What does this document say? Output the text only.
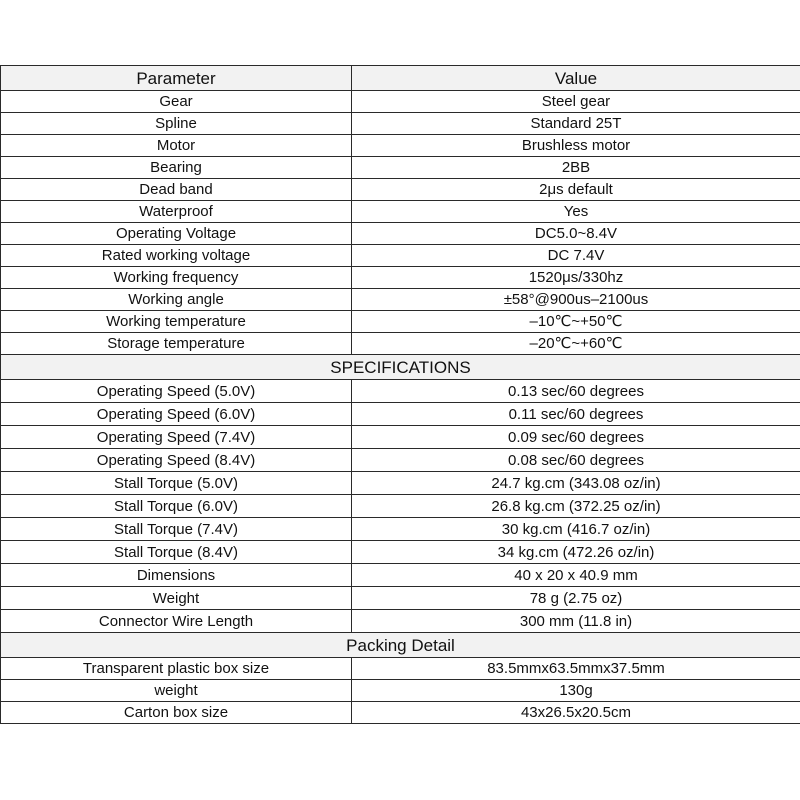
Parameter	Value
Gear	Steel gear
Spline	Standard 25T
Motor	Brushless motor
Bearing	2BB
Dead band	2μs default
Waterproof	Yes
Operating Voltage	DC5.0~8.4V
Rated working voltage	DC 7.4V
Working frequency	1520μs/330hz
Working angle	±58°@900us–2100us
Working temperature	–10℃~+50℃
Storage temperature	–20℃~+60℃
SPECIFICATIONS	
Operating Speed (5.0V)	0.13 sec/60 degrees
Operating Speed (6.0V)	0.11 sec/60 degrees
Operating Speed (7.4V)	0.09 sec/60 degrees
Operating Speed (8.4V)	0.08 sec/60 degrees
Stall Torque (5.0V)	24.7 kg.cm (343.08 oz/in)
Stall Torque (6.0V)	26.8 kg.cm (372.25 oz/in)
Stall Torque (7.4V)	30 kg.cm (416.7 oz/in)
Stall Torque (8.4V)	34 kg.cm (472.26 oz/in)
Dimensions	40 x 20 x 40.9 mm
Weight	78 g (2.75 oz)
Connector Wire Length	300 mm (11.8 in)
Packing Detail	
Transparent plastic box size	83.5mmx63.5mmx37.5mm
weight	130g
Carton box size	43x26.5x20.5cm
